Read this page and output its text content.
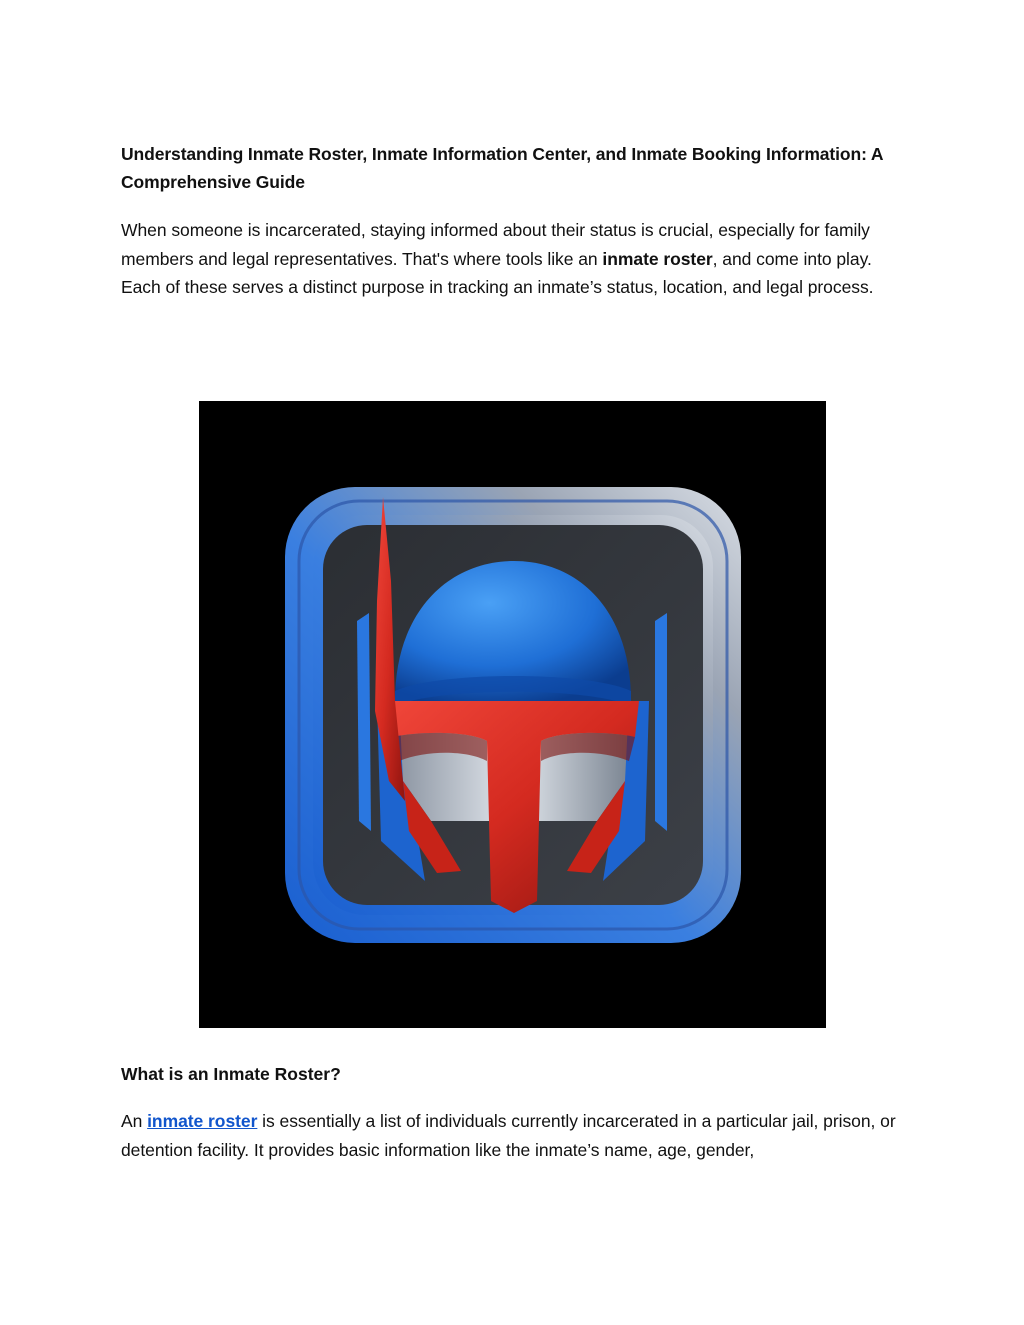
Understanding Inmate Roster, Inmate Information Center, and Inmate Booking Information: A Comprehensive Guide
When someone is incarcerated, staying informed about their status is crucial, especially for family members and legal representatives. That's where tools like an inmate roster, and come into play. Each of these serves a distinct purpose in tracking an inmate’s status, location, and legal process.
What is an Inmate Roster?
An inmate roster is essentially a list of individuals currently incarcerated in a particular jail, prison, or detention facility. It provides basic information like the inmate’s name, age, gender,
